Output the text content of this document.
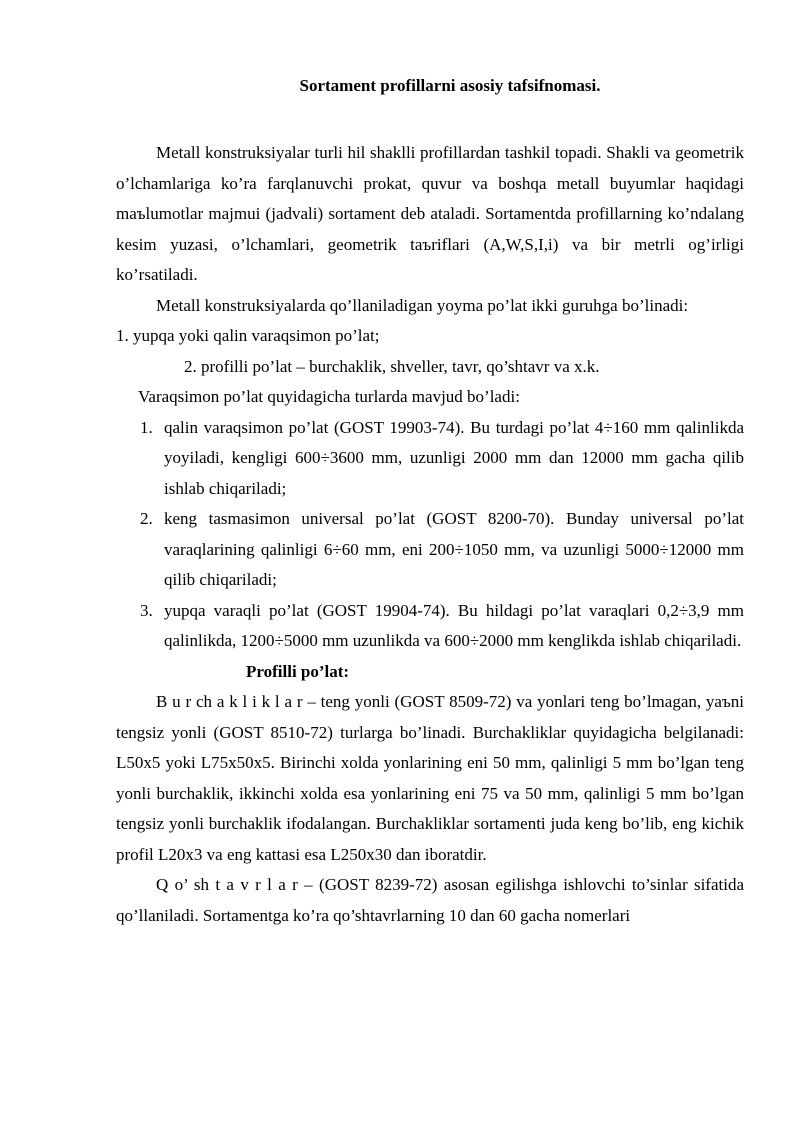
Sortament profillarni asosiy tafsifnomasi.

Metall konstruksiyalar turli hil shaklli profillardan tashkil topadi. Shakli va geometrik o’lchamlariga ko’ra farqlanuvchi prokat, quvur va boshqa metall buyumlar haqidagi maъlumotlar majmui (jadvali) sortament deb ataladi. Sortamentda profillarning ko’ndalang kesim yuzasi, o’lchamlari, geometrik taъriflari (A,W,S,I,i) va bir metrli og’irligi ko’rsatiladi.

Metall konstruksiyalarda qo’llaniladigan yoyma po’lat ikki guruhga bo’linadi:

1. yupqa yoki qalin varaqsimon po’lat;

2. profilli po’lat – burchaklik, shveller, tavr, qo’shtavr va x.k.

Varaqsimon po’lat quyidagicha turlarda mavjud bo’ladi:

1. qalin varaqsimon po’lat (GOST 19903-74). Bu turdagi po’lat 4÷160 mm qalinlikda yoyiladi, kengligi 600÷3600 mm, uzunligi 2000 mm dan 12000 mm gacha qilib ishlab chiqariladi;
2. keng tasmasimon universal po’lat (GOST 8200-70). Bunday universal po’lat varaqlarining qalinligi 6÷60 mm, eni 200÷1050 mm, va uzunligi 5000÷12000 mm qilib chiqariladi;
3. yupqa varaqli po’lat (GOST 19904-74). Bu hildagi po’lat varaqlari 0,2÷3,9 mm qalinlikda, 1200÷5000 mm uzunlikda va 600÷2000 mm kenglikda ishlab chiqariladi.

Profilli po’lat:

B u r ch a k l i k l a r – teng yonli (GOST 8509-72) va yonlari teng bo’lmagan, yaъni tengsiz yonli (GOST 8510-72) turlarga bo’linadi. Burchakliklar quyidagicha belgilanadi: L50x5 yoki L75x50x5. Birinchi xolda yonlarining eni 50 mm, qalinligi 5 mm bo’lgan teng yonli burchaklik, ikkinchi xolda esa yonlarining eni 75 va 50 mm, qalinligi 5 mm bo’lgan tengsiz yonli burchaklik ifodalangan. Burchakliklar sortamenti juda keng bo’lib, eng kichik profil L20x3 va eng kattasi esa L250x30 dan iboratdir.

Q o’ sh t a v r l a r – (GOST 8239-72) asosan egilishga ishlovchi to’sinlar sifatida qo’llaniladi. Sortamentga ko’ra qo’shtavrlarning 10 dan 60 gacha nomerlari
